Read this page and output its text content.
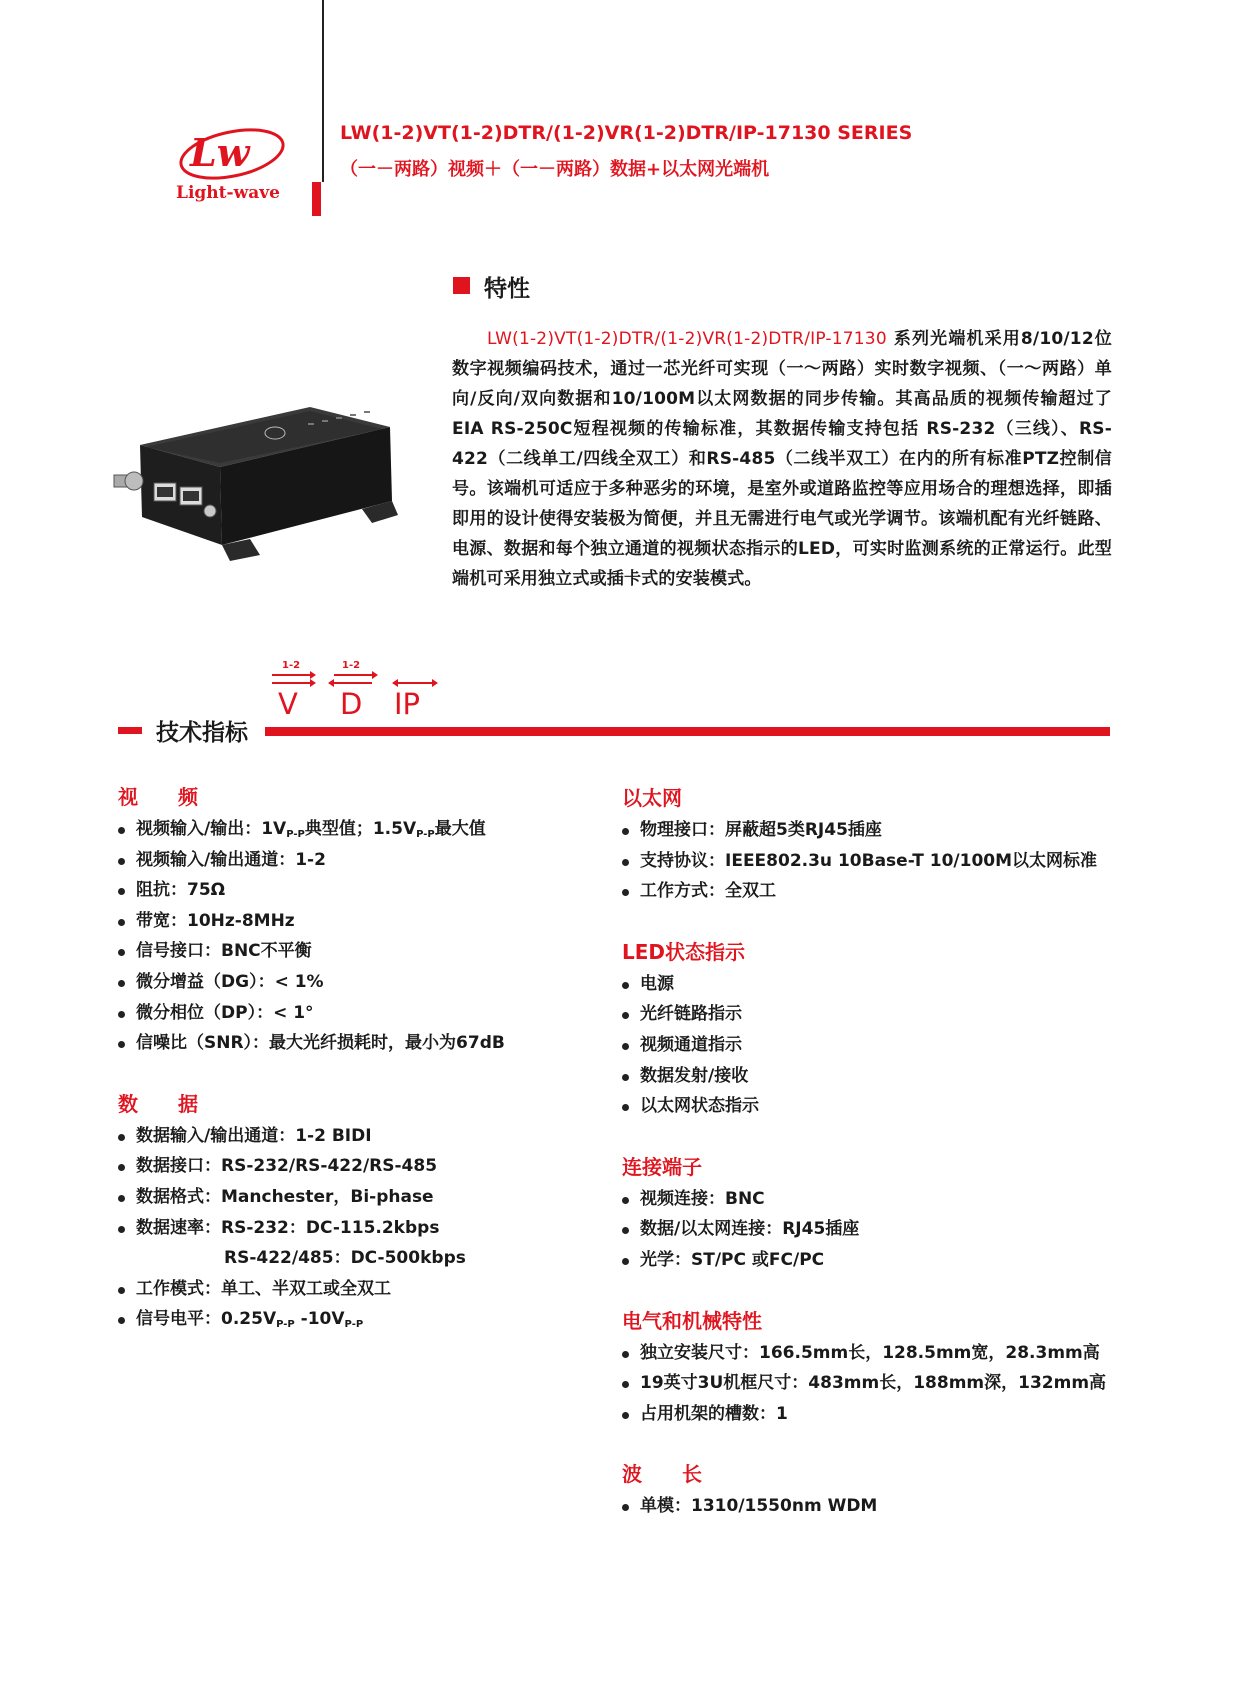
Lw
Light-wave
LW(1-2)VT(1-2)DTR/(1-2)VR(1-2)DTR/IP-17130 SERIES
（一－两路）视频＋（一－两路）数据+以太网光端机
特性
LW(1-2)VT(1-2)DTR/(1-2)VR(1-2)DTR/IP-17130 系列光端机采用8/10/12位数字视频编码技术，通过一芯光纤可实现（一～两路）实时数字视频、（一～两路）单向/反向/双向数据和10/100M以太网数据的同步传输。其高品质的视频传输超过了EIA RS-250C短程视频的传输标准，其数据传输支持包括 RS-232（三线）、RS-422（二线单工/四线全双工）和RS-485（二线半双工）在内的所有标准PTZ控制信号。该端机可适应于多种恶劣的环境，是室外或道路监控等应用场合的理想选择，即插即用的设计使得安装极为简便，并且无需进行电气或光学调节。该端机配有光纤链路、电源、数据和每个独立通道的视频状态指示的LED，可实时监测系统的正常运行。此型端机可采用独立式或插卡式的安装模式。
1-2
V
1-2
D IP
技术指标
视　　频
视频输入/输出：1VP-P典型值；1.5VP-P最大值
视频输入/输出通道：1-2
阻抗：75Ω
带宽：10Hz-8MHz
信号接口：BNC不平衡
微分增益（DG）：< 1%
微分相位（DP）：< 1°
信噪比（SNR）：最大光纤损耗时，最小为67dB
数　　据
数据输入/输出通道：1-2 BIDI
数据接口：RS-232/RS-422/RS-485
数据格式：Manchester，Bi-phase
数据速率：RS-232：DC-115.2kbps
RS-422/485：DC-500kbps
工作模式：单工、半双工或全双工
信号电平：0.25VP-P -10VP-P
以太网
物理接口：屏蔽超5类RJ45插座
支持协议：IEEE802.3u 10Base-T 10/100M以太网标准
工作方式：全双工
LED状态指示
电源
光纤链路指示
视频通道指示
数据发射/接收
以太网状态指示
连接端子
视频连接：BNC
数据/以太网连接：RJ45插座
光学：ST/PC 或FC/PC
电气和机械特性
独立安装尺寸：166.5mm长，128.5mm宽，28.3mm高
19英寸3U机框尺寸：483mm长，188mm深，132mm高
占用机架的槽数：1
波　　长
单模：1310/1550nm WDM
